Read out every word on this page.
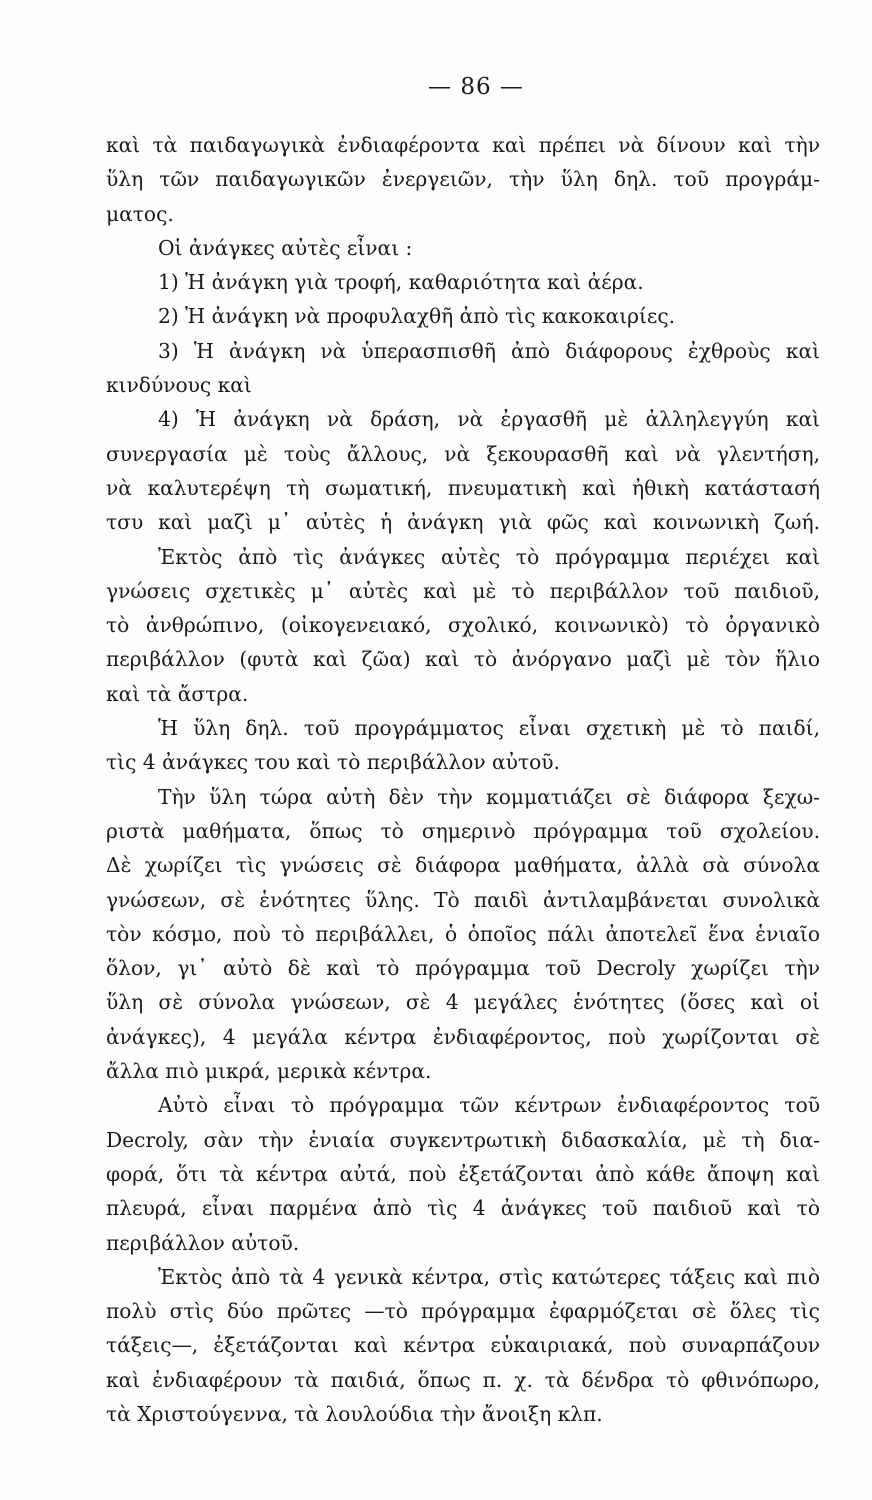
— 86 —
καὶ τὰ παιδαγωγικὰ ἐνδιαφέροντα καὶ πρέπει νὰ δίνουν καὶ τὴν
ὕλη τῶν παιδαγωγικῶν ἐνεργειῶν, τὴν ὕλη δηλ. τοῦ προγράμ-
ματος.
Οἱ ἀνάγκες αὐτὲς εἶναι :
1) Ἡ ἀνάγκη γιὰ τροφή, καθαριότητα καὶ ἀέρα.
2) Ἡ ἀνάγκη νὰ προφυλαχθῆ ἀπὸ τὶς κακοκαιρίες.
3) Ἡ ἀνάγκη νὰ ὑπερασπισθῆ ἀπὸ διάφορους ἐχθροὺς καὶ
κινδύνους καὶ
4) Ἡ ἀνάγκη νὰ δράση, νὰ ἐργασθῆ μὲ ἀλληλεγγύη καὶ
συνεργασία μὲ τοὺς ἄλλους, νὰ ξεκουρασθῆ καὶ νὰ γλεντήση,
νὰ καλυτερέψη τὴ σωματική, πνευματικὴ καὶ ἠθικὴ κατάστασή
τσυ καὶ μαζὶ μ᾽ αὐτὲς ἡ ἀνάγκη γιὰ φῶς καὶ κοινωνικὴ ζωή.
Ἐκτὸς ἀπὸ τὶς ἀνάγκες αὐτὲς τὸ πρόγραμμα περιέχει καὶ
γνώσεις σχετικὲς μ᾽ αὐτὲς καὶ μὲ τὸ περιβάλλον τοῦ παιδιοῦ,
τὸ ἀνθρώπινο, (οἰκογενειακό, σχολικό, κοινωνικὸ) τὸ ὀργανικὸ
περιβάλλον (φυτὰ καὶ ζῶα) καὶ τὸ ἀνόργανο μαζὶ μὲ τὸν ἥλιο
καὶ τὰ ἄστρα.
Ἡ ὕλη δηλ. τοῦ προγράμματος εἶναι σχετικὴ μὲ τὸ παιδί,
τὶς 4 ἀνάγκες του καὶ τὸ περιβάλλον αὐτοῦ.
Τὴν ὕλη τώρα αὐτὴ δὲν τὴν κομματιάζει σὲ διάφορα ξεχω-
ριστὰ μαθήματα, ὅπως τὸ σημερινὸ πρόγραμμα τοῦ σχολείου.
Δὲ χωρίζει τὶς γνώσεις σὲ διάφορα μαθήματα, ἀλλὰ σὰ σύνολα
γνώσεων, σὲ ἑνότητες ὕλης. Τὸ παιδὶ ἀντιλαμβάνεται συνολικὰ
τὸν κόσμο, ποὺ τὸ περιβάλλει, ὁ ὁποῖος πάλι ἀποτελεῖ ἕνα ἑνιαῖο
ὅλον, γι᾽ αὐτὸ δὲ καὶ τὸ πρόγραμμα τοῦ Decroly χωρίζει τὴν
ὕλη σὲ σύνολα γνώσεων, σὲ 4 μεγάλες ἑνότητες (ὅσες καὶ οἱ
ἀνάγκες), 4 μεγάλα κέντρα ἐνδιαφέροντος, ποὺ χωρίζονται σὲ
ἄλλα πιὸ μικρά, μερικὰ κέντρα.
Αὐτὸ εἶναι τὸ πρόγραμμα τῶν κέντρων ἐνδιαφέροντος τοῦ
Decroly, σὰν τὴν ἑνιαία συγκεντρωτικὴ διδασκαλία, μὲ τὴ δια-
φορά, ὅτι τὰ κέντρα αὐτά, ποὺ ἐξετάζονται ἀπὸ κάθε ἄποψη καὶ
πλευρά, εἶναι παρμένα ἀπὸ τὶς 4 ἀνάγκες τοῦ παιδιοῦ καὶ τὸ
περιβάλλον αὐτοῦ.
Ἐκτὸς ἀπὸ τὰ 4 γενικὰ κέντρα, στὶς κατώτερες τάξεις καὶ πιὸ
πολὺ στὶς δύο πρῶτες —τὸ πρόγραμμα ἐφαρμόζεται σὲ ὅλες τὶς
τάξεις—, ἐξετάζονται καὶ κέντρα εὐκαιριακά, ποὺ συναρπάζουν
καὶ ἐνδιαφέρουν τὰ παιδιά, ὅπως π. χ. τὰ δένδρα τὸ φθινόπωρο,
τὰ Χριστούγεννα, τὰ λουλούδια τὴν ἄνοιξη κλπ.
